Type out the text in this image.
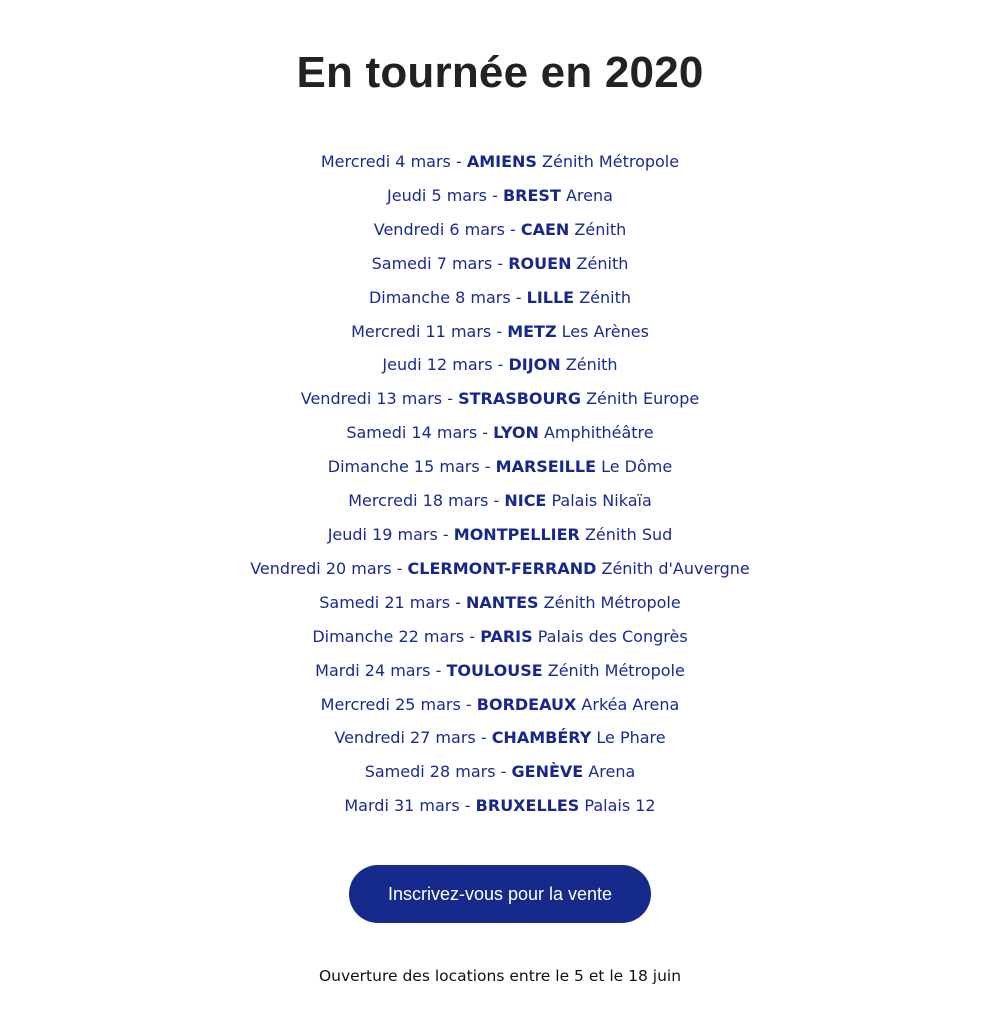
En tournée en 2020
Mercredi 4 mars - AMIENS Zénith Métropole
Jeudi 5 mars - BREST Arena
Vendredi 6 mars - CAEN Zénith
Samedi 7 mars - ROUEN Zénith
Dimanche 8 mars - LILLE Zénith
Mercredi 11 mars - METZ Les Arènes
Jeudi 12 mars - DIJON Zénith
Vendredi 13 mars - STRASBOURG Zénith Europe
Samedi 14 mars - LYON Amphithéâtre
Dimanche 15 mars - MARSEILLE Le Dôme
Mercredi 18 mars - NICE Palais Nikaïa
Jeudi 19 mars - MONTPELLIER Zénith Sud
Vendredi 20 mars - CLERMONT-FERRAND Zénith d'Auvergne
Samedi 21 mars - NANTES Zénith Métropole
Dimanche 22 mars - PARIS Palais des Congrès
Mardi 24 mars - TOULOUSE Zénith Métropole
Mercredi 25 mars - BORDEAUX Arkéa Arena
Vendredi 27 mars - CHAMBÉRY Le Phare
Samedi 28 mars - GENÈVE Arena
Mardi 31 mars - BRUXELLES Palais 12
Inscrivez-vous pour la vente
Ouverture des locations entre le 5 et le 18 juin
